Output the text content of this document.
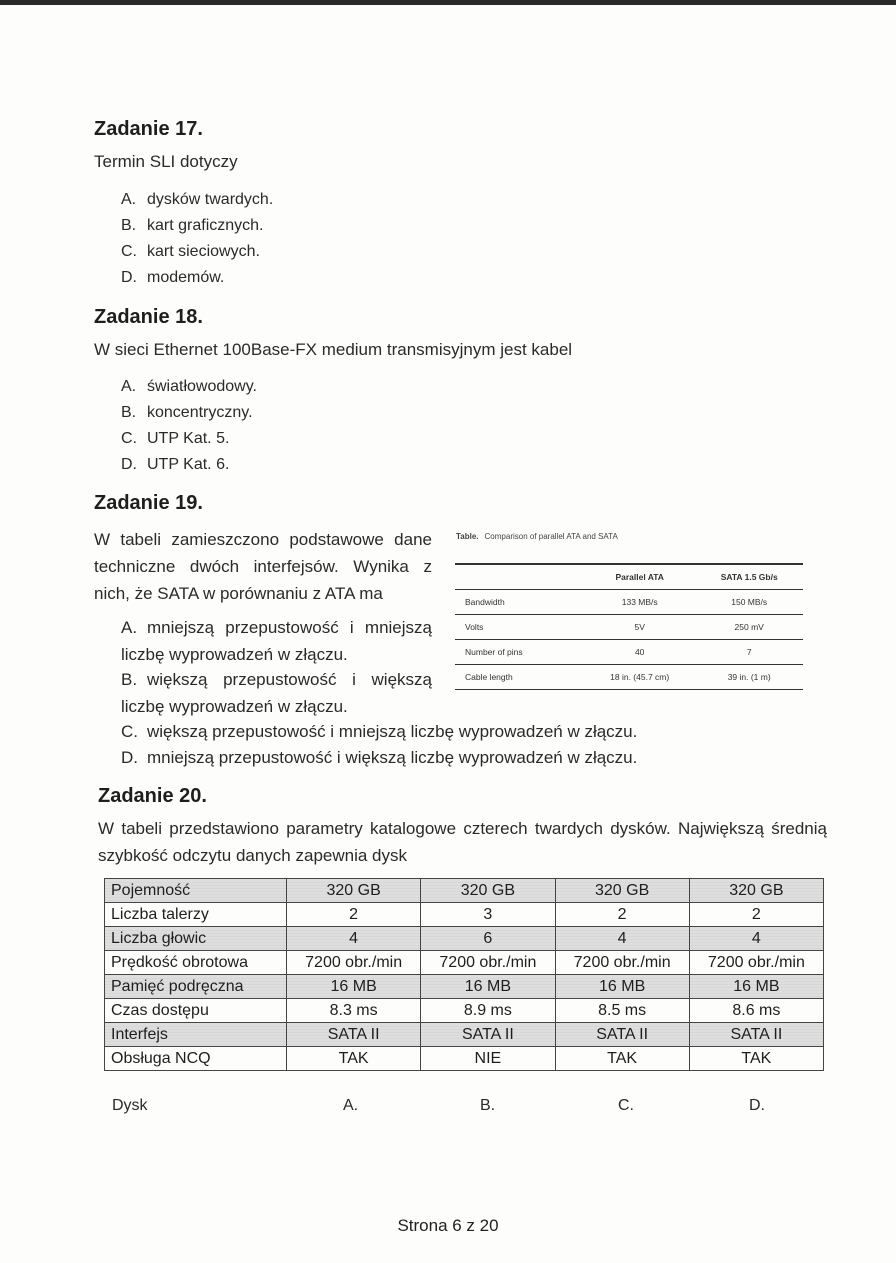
Zadanie 17.
Termin SLI dotyczy
A. dysków twardych.
B. kart graficznych.
C. kart sieciowych.
D. modemów.
Zadanie 18.
W sieci Ethernet 100Base-FX medium transmisyjnym jest kabel
A. światłowodowy.
B. koncentryczny.
C. UTP Kat. 5.
D. UTP Kat. 6.
Zadanie 19.
W tabeli zamieszczono podstawowe dane techniczne dwóch interfejsów. Wynika z nich, że SATA w porównaniu z ATA ma
A. mniejszą przepustowość i mniejszą liczbę wyprowadzeń w złączu.
B. większą przepustowość i większą liczbę wyprowadzeń w złączu.
C. większą przepustowość i mniejszą liczbę wyprowadzeń w złączu.
D. mniejszą przepustowość i większą liczbę wyprowadzeń w złączu.
Table. Comparison of parallel ATA and SATA
	Parallel ATA	SATA 1.5 Gb/s
Bandwidth	133 MB/s	150 MB/s
Volts	5V	250 mV
Number of pins	40	7
Cable length	18 in. (45.7 cm)	39 in. (1 m)
Zadanie 20.
W tabeli przedstawiono parametry katalogowe czterech twardych dysków. Największą średnią szybkość odczytu danych zapewnia dysk
Pojemność	320 GB	320 GB	320 GB	320 GB
Liczba talerzy	2	3	2	2
Liczba głowic	4	6	4	4
Prędkość obrotowa	7200 obr./min	7200 obr./min	7200 obr./min	7200 obr./min
Pamięć podręczna	16 MB	16 MB	16 MB	16 MB
Czas dostępu	8.3 ms	8.9 ms	8.5 ms	8.6 ms
Interfejs	SATA II	SATA II	SATA II	SATA II
Obsługa NCQ	TAK	NIE	TAK	TAK
Dysk	A.	B.	C.	D.
Strona 6 z 20
